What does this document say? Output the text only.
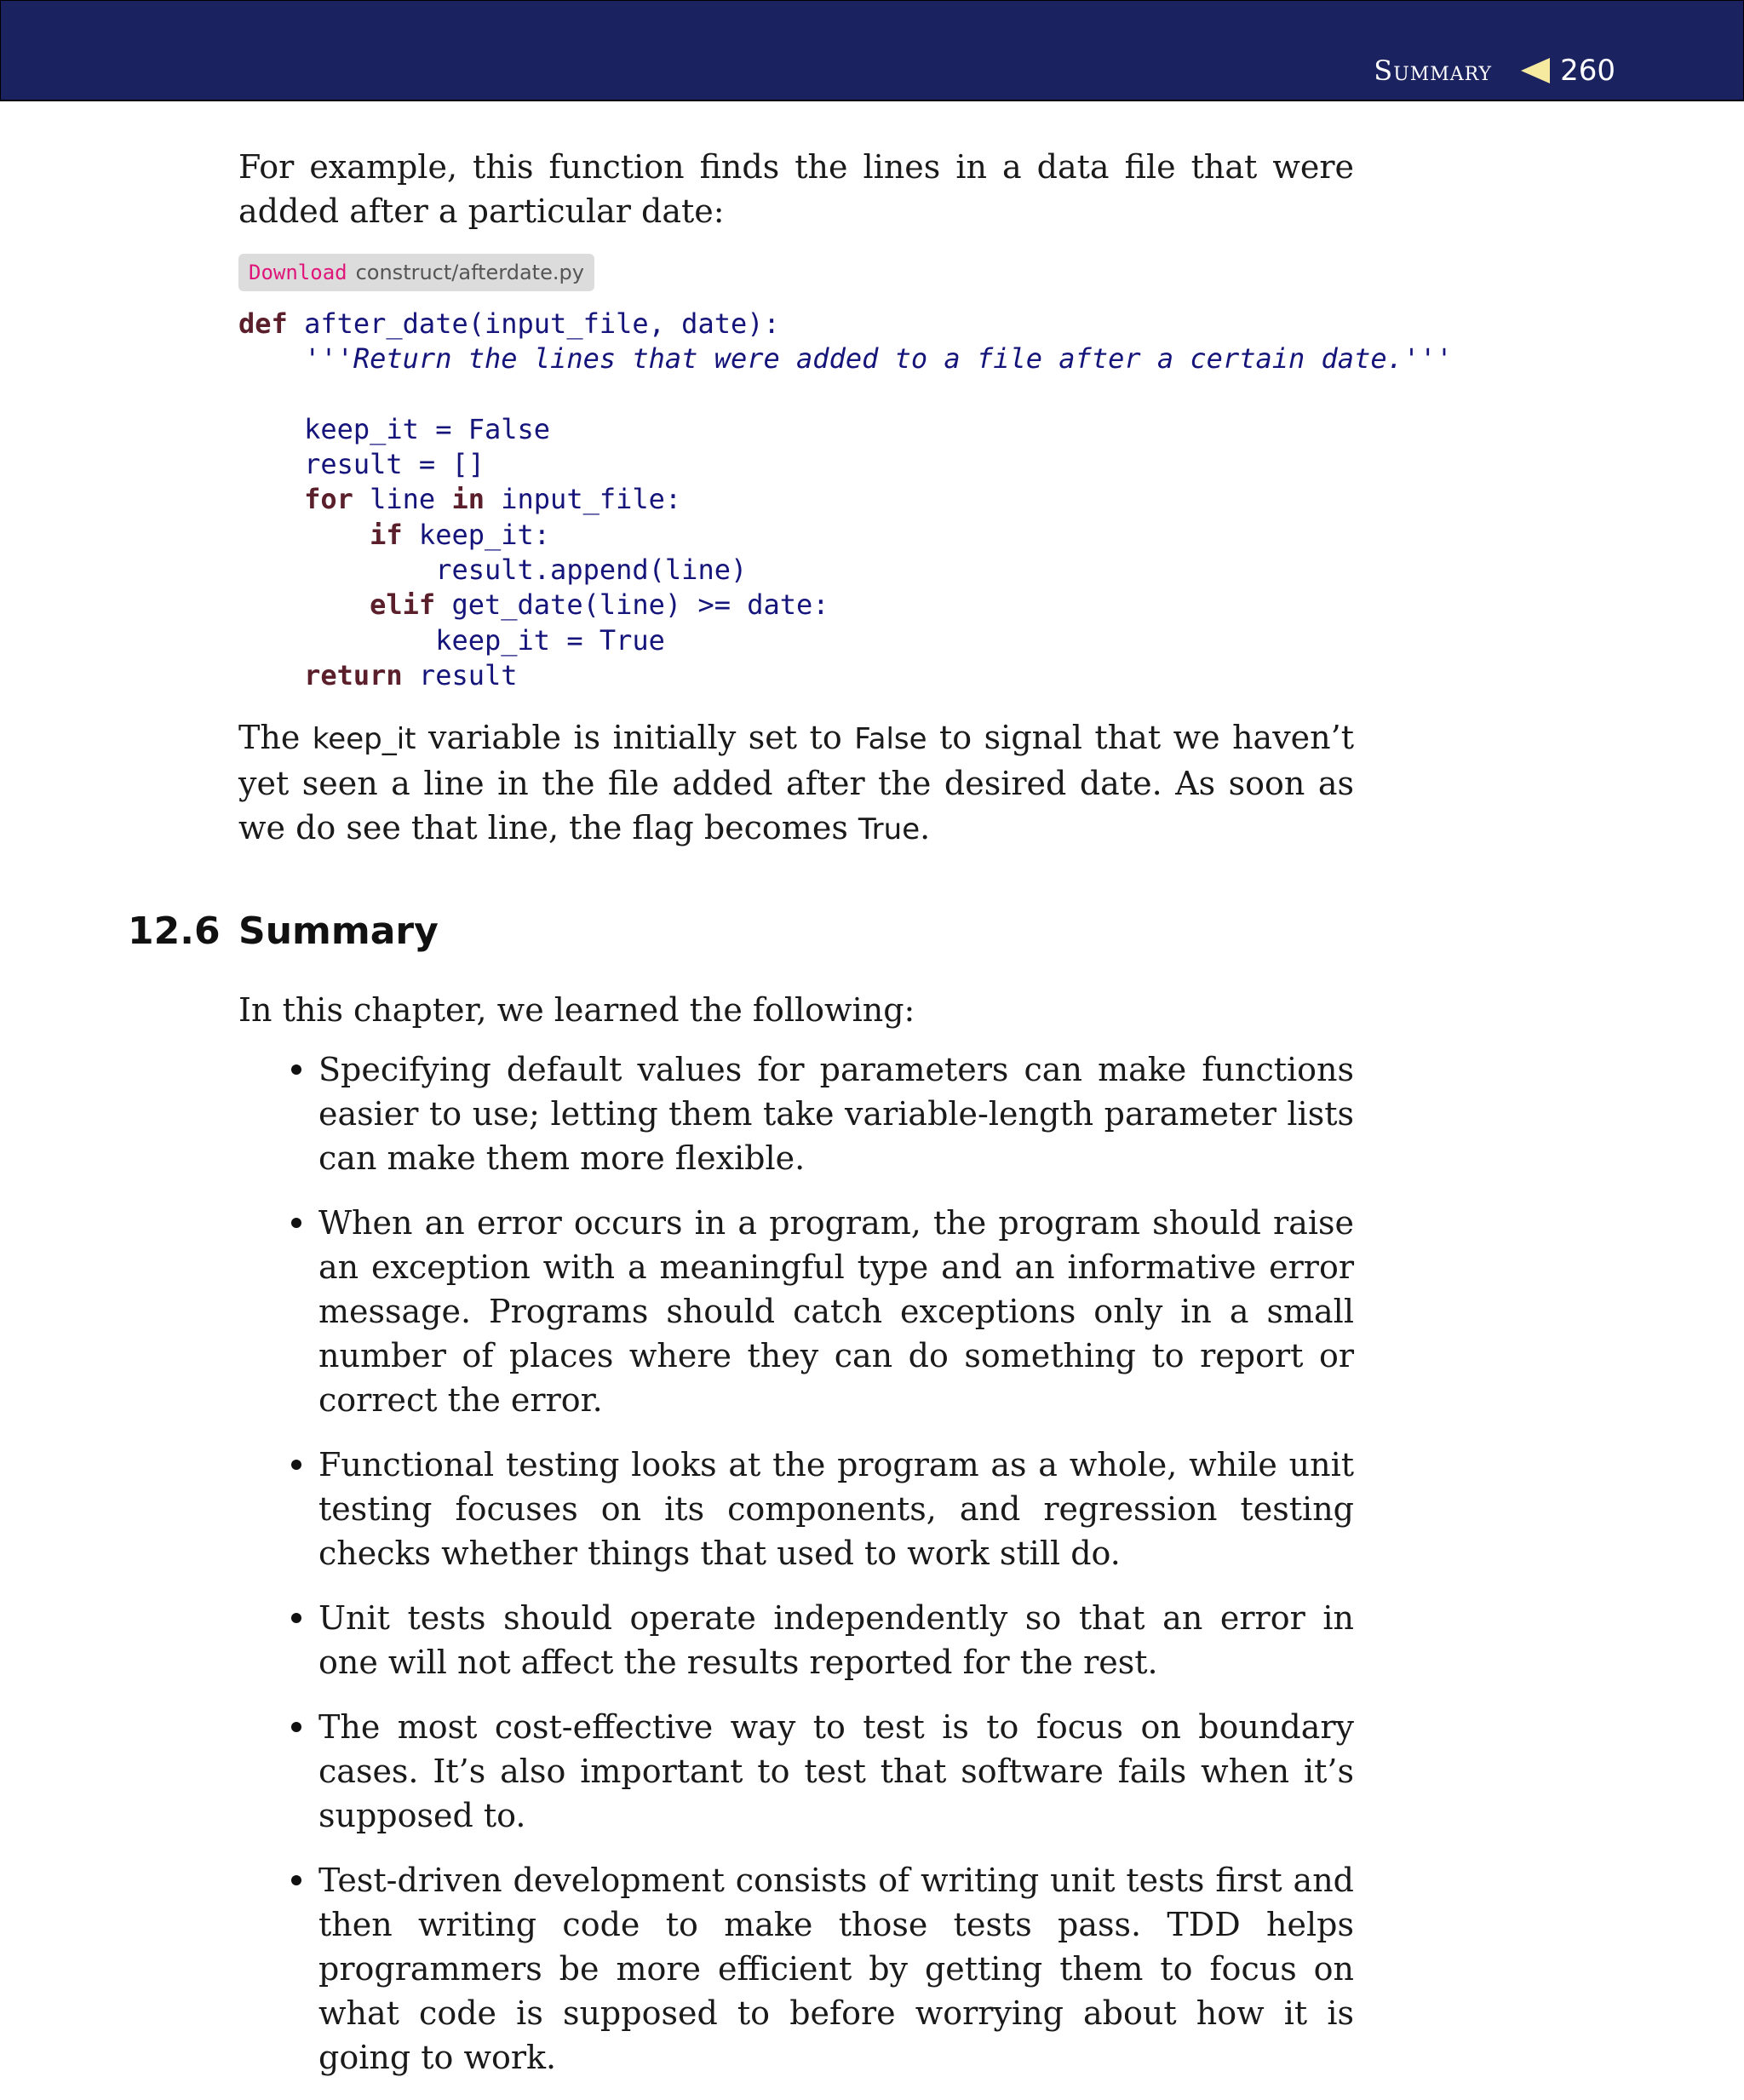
Summary 260

For example, this function finds the lines in a data file that were added after a particular date:

Download construct/afterdate.py
def after_date(input_file, date):
'''Return the lines that were added to a file after a certain date.'''

keep_it = False
result = []
for line in input_file:
if keep_it:
result.append(line)
elif get_date(line) >= date:
keep_it = True
return result

The keep_it variable is initially set to False to signal that we haven’t yet seen a line in the file added after the desired date. As soon as we do see that line, the flag becomes True.

12.6 Summary

In this chapter, we learned the following:

Specifying default values for parameters can make functions easier to use; letting them take variable-length parameter lists can make them more flexible.
When an error occurs in a program, the program should raise an exception with a meaningful type and an informative error message. Programs should catch exceptions only in a small number of places where they can do something to report or correct the error.
Functional testing looks at the program as a whole, while unit testing focuses on its components, and regression testing checks whether things that used to work still do.
Unit tests should operate independently so that an error in one will not affect the results reported for the rest.
The most cost-effective way to test is to focus on boundary cases. It’s also important to test that software fails when it’s supposed to.
Test-driven development consists of writing unit tests first and then writing code to make those tests pass. TDD helps programmers be more efficient by getting them to focus on what code is supposed to before worrying about how it is going to work.
